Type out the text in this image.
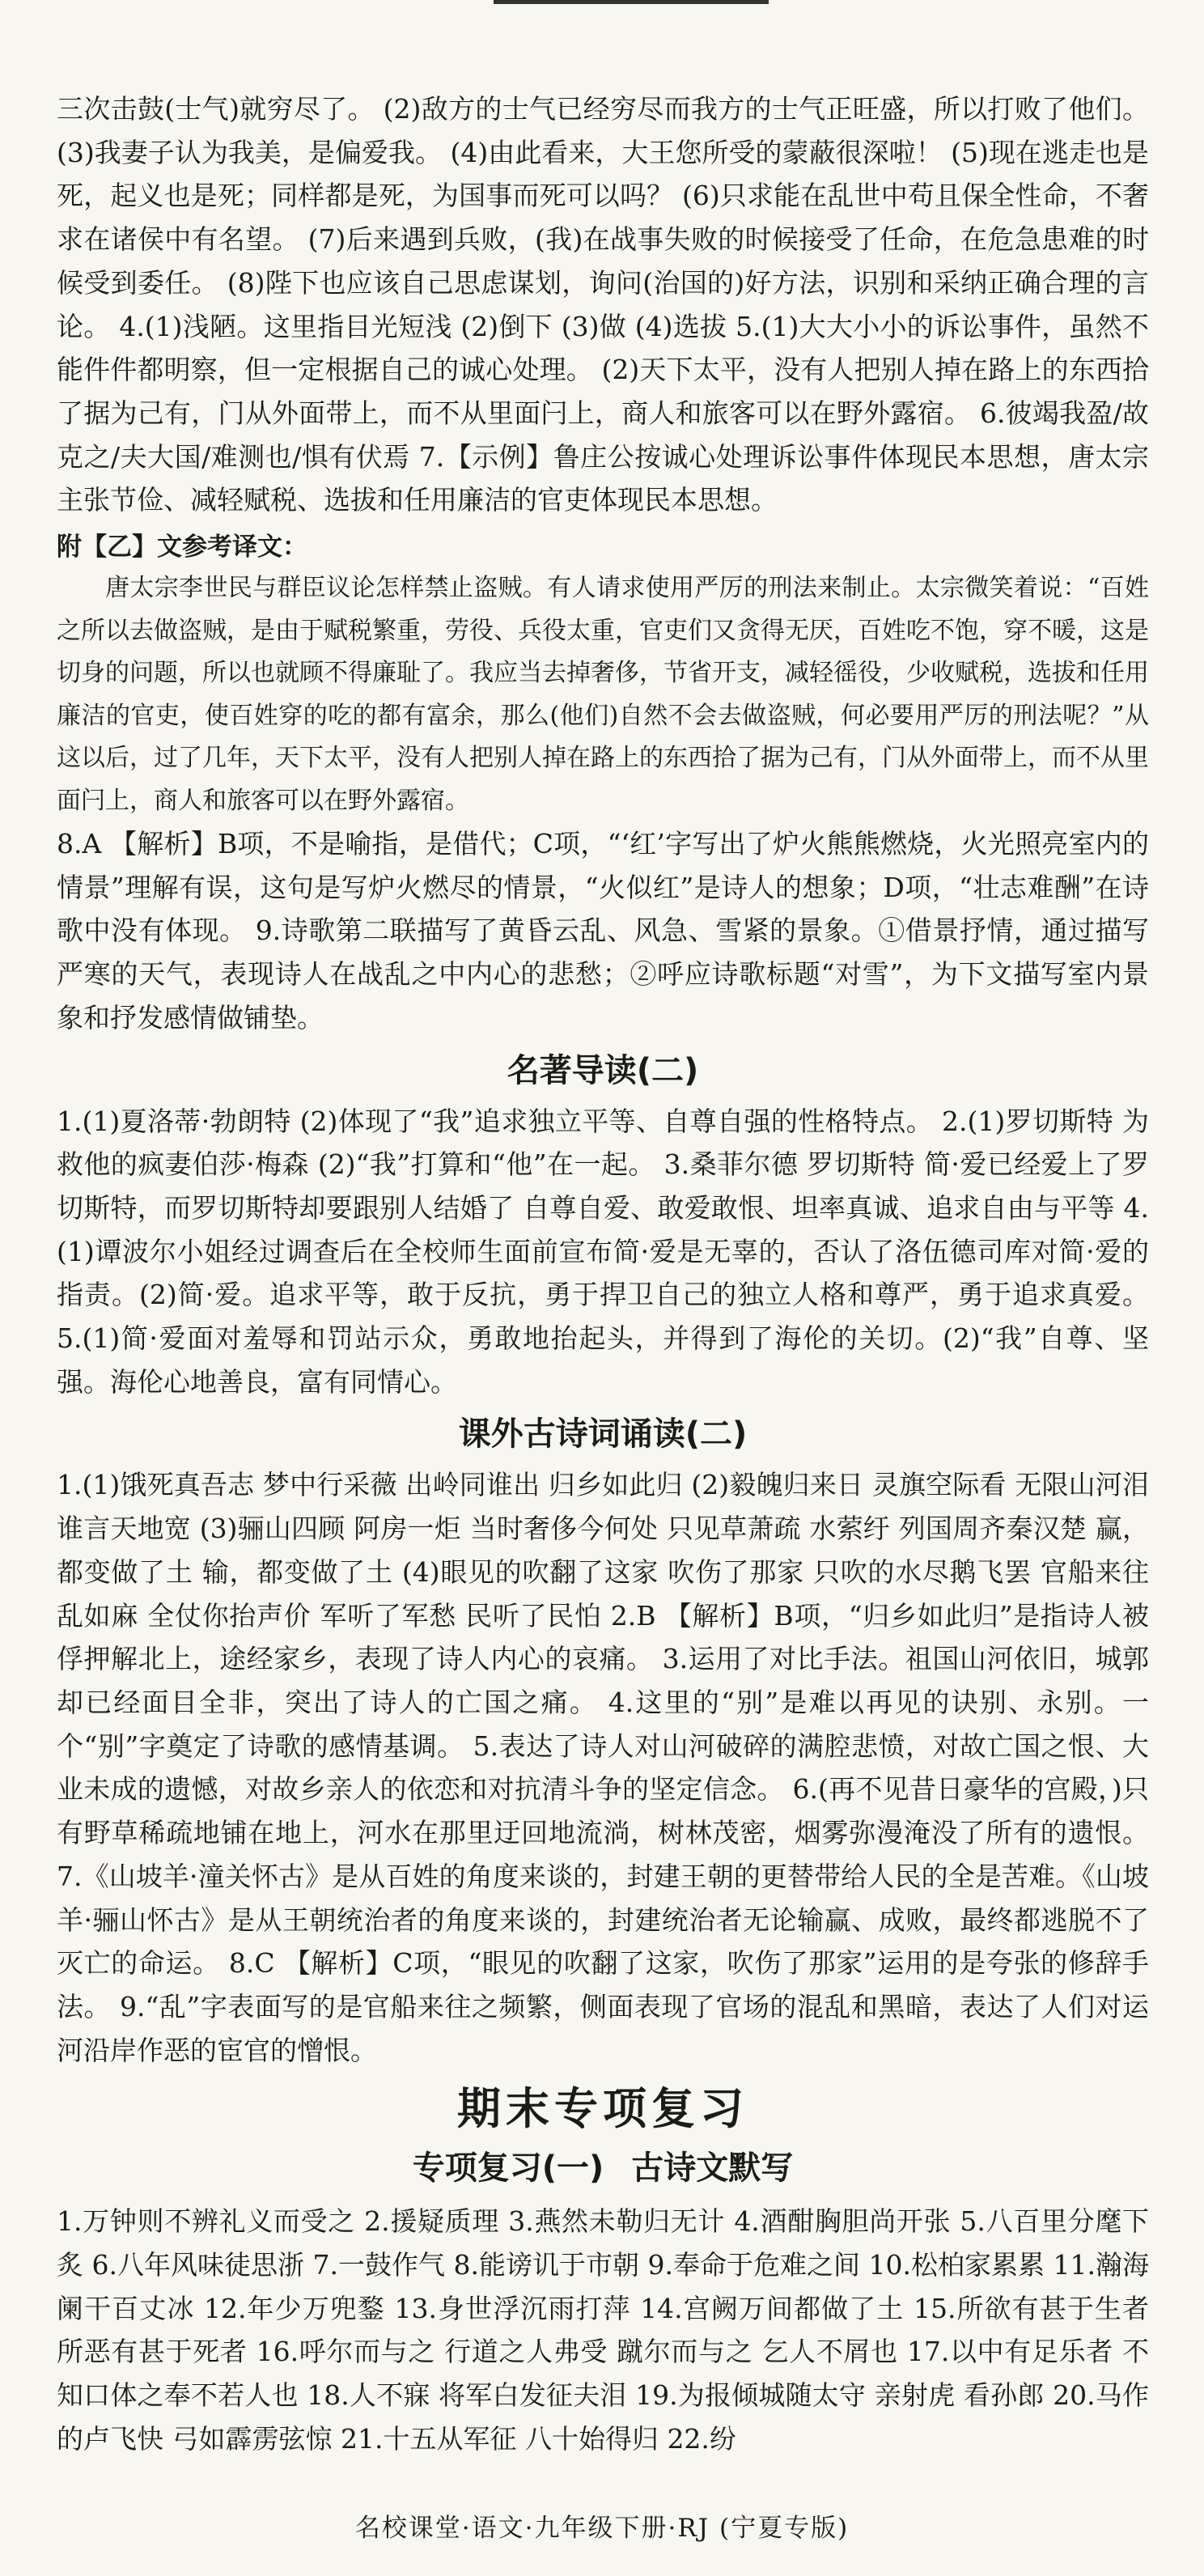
三次击鼓(士气)就穷尽了。 (2)敌方的士气已经穷尽而我方的士气正旺盛，所以打败了他们。 (3)我妻子认为我美，是偏爱我。 (4)由此看来，大王您所受的蒙蔽很深啦！ (5)现在逃走也是死，起义也是死；同样都是死，为国事而死可以吗？ (6)只求能在乱世中苟且保全性命，不奢求在诸侯中有名望。 (7)后来遇到兵败，(我)在战事失败的时候接受了任命，在危急患难的时候受到委任。 (8)陛下也应该自己思虑谋划，询问(治国的)好方法，识别和采纳正确合理的言论。 4.(1)浅陋。这里指目光短浅 (2)倒下 (3)做 (4)选拔 5.(1)大大小小的诉讼事件，虽然不能件件都明察，但一定根据自己的诚心处理。 (2)天下太平，没有人把别人掉在路上的东西拾了据为己有，门从外面带上，而不从里面闩上，商人和旅客可以在野外露宿。 6.彼竭我盈/故克之/夫大国/难测也/惧有伏焉 7.【示例】鲁庄公按诚心处理诉讼事件体现民本思想，唐太宗主张节俭、减轻赋税、选拔和任用廉洁的官吏体现民本思想。

附【乙】文参考译文：

唐太宗李世民与群臣议论怎样禁止盗贼。有人请求使用严厉的刑法来制止。太宗微笑着说：“百姓之所以去做盗贼，是由于赋税繁重，劳役、兵役太重，官吏们又贪得无厌，百姓吃不饱，穿不暖，这是切身的问题，所以也就顾不得廉耻了。我应当去掉奢侈，节省开支，减轻徭役，少收赋税，选拔和任用廉洁的官吏，使百姓穿的吃的都有富余，那么(他们)自然不会去做盗贼，何必要用严厉的刑法呢？”从这以后，过了几年，天下太平，没有人把别人掉在路上的东西拾了据为己有，门从外面带上，而不从里面闩上，商人和旅客可以在野外露宿。

8.A 【解析】B项，不是喻指，是借代；C项，“‘红’字写出了炉火熊熊燃烧，火光照亮室内的情景”理解有误，这句是写炉火燃尽的情景，“火似红”是诗人的想象；D项，“壮志难酬”在诗歌中没有体现。 9.诗歌第二联描写了黄昏云乱、风急、雪紧的景象。①借景抒情，通过描写严寒的天气，表现诗人在战乱之中内心的悲愁；②呼应诗歌标题“对雪”，为下文描写室内景象和抒发感情做铺垫。

名著导读(二)

1.(1)夏洛蒂·勃朗特 (2)体现了“我”追求独立平等、自尊自强的性格特点。 2.(1)罗切斯特 为救他的疯妻伯莎·梅森 (2)“我”打算和“他”在一起。 3.桑菲尔德 罗切斯特 简·爱已经爱上了罗切斯特，而罗切斯特却要跟别人结婚了 自尊自爱、敢爱敢恨、坦率真诚、追求自由与平等 4.(1)谭波尔小姐经过调查后在全校师生面前宣布简·爱是无辜的，否认了洛伍德司库对简·爱的指责。(2)简·爱。追求平等，敢于反抗，勇于捍卫自己的独立人格和尊严，勇于追求真爱。 5.(1)简·爱面对羞辱和罚站示众，勇敢地抬起头，并得到了海伦的关切。(2)“我”自尊、坚强。海伦心地善良，富有同情心。

课外古诗词诵读(二)

1.(1)饿死真吾志 梦中行采薇 出岭同谁出 归乡如此归 (2)毅魄归来日 灵旗空际看 无限山河泪 谁言天地宽 (3)骊山四顾 阿房一炬 当时奢侈今何处 只见草萧疏 水萦纡 列国周齐秦汉楚 赢，都变做了土 输，都变做了土 (4)眼见的吹翻了这家 吹伤了那家 只吹的水尽鹅飞罢 官船来往乱如麻 全仗你抬声价 军听了军愁 民听了民怕 2.B 【解析】B项，“归乡如此归”是指诗人被俘押解北上，途经家乡，表现了诗人内心的哀痛。 3.运用了对比手法。祖国山河依旧，城郭却已经面目全非，突出了诗人的亡国之痛。 4.这里的“别”是难以再见的诀别、永别。一个“别”字奠定了诗歌的感情基调。 5.表达了诗人对山河破碎的满腔悲愤，对故亡国之恨、大业未成的遗憾，对故乡亲人的依恋和对抗清斗争的坚定信念。 6.(再不见昔日豪华的宫殿，)只有野草稀疏地铺在地上，河水在那里迂回地流淌，树林茂密，烟雾弥漫淹没了所有的遗恨。 7.《山坡羊·潼关怀古》是从百姓的角度来谈的，封建王朝的更替带给人民的全是苦难。《山坡羊·骊山怀古》是从王朝统治者的角度来谈的，封建统治者无论输赢、成败，最终都逃脱不了灭亡的命运。 8.C 【解析】C项，“眼见的吹翻了这家，吹伤了那家”运用的是夸张的修辞手法。 9.“乱”字表面写的是官船来往之频繁，侧面表现了官场的混乱和黑暗，表达了人们对运河沿岸作恶的宦官的憎恨。

期末专项复习
专项复习(一) 古诗文默写

1.万钟则不辨礼义而受之 2.援疑质理 3.燕然未勒归无计 4.酒酣胸胆尚开张 5.八百里分麾下炙 6.八年风味徒思浙 7.一鼓作气 8.能谤讥于市朝 9.奉命于危难之间 10.松柏家累累 11.瀚海阑干百丈冰 12.年少万兜鍪 13.身世浮沉雨打萍 14.宫阙万间都做了土 15.所欲有甚于生者 所恶有甚于死者 16.呼尔而与之 行道之人弗受 蹴尔而与之 乞人不屑也 17.以中有足乐者 不知口体之奉不若人也 18.人不寐 将军白发征夫泪 19.为报倾城随太守 亲射虎 看孙郎 20.马作的卢飞快 弓如霹雳弦惊 21.十五从军征 八十始得归 22.纷

名校课堂·语文·九年级下册·RJ (宁夏专版)
